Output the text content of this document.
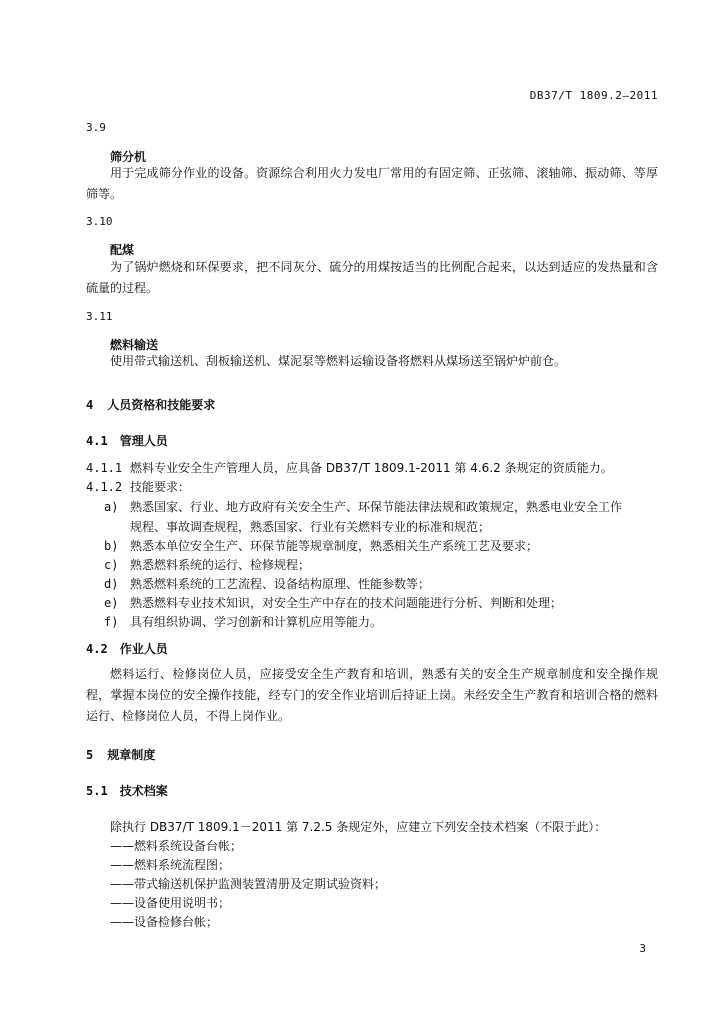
DB37/T 1809.2—2011
3.9
筛分机
用于完成筛分作业的设备。资源综合利用火力发电厂常用的有固定筛、正弦筛、滚轴筛、振动筛、等厚筛等。
3.10
配煤
为了锅炉燃烧和环保要求，把不同灰分、硫分的用煤按适当的比例配合起来，以达到适应的发热量和含硫量的过程。
3.11
燃料输送
使用带式输送机、刮板输送机、煤泥泵等燃料运输设备将燃料从煤场送至锅炉炉前仓。
4 人员资格和技能要求
4.1 管理人员
4.1.1 燃料专业安全生产管理人员，应具备 DB37/T 1809.1-2011 第 4.6.2 条规定的资质能力。
4.1.2 技能要求：
a) 熟悉国家、行业、地方政府有关安全生产、环保节能法律法规和政策规定，熟悉电业安全工作
规程、事故调查规程，熟悉国家、行业有关燃料专业的标准和规范；
b) 熟悉本单位安全生产、环保节能等规章制度，熟悉相关生产系统工艺及要求；
c) 熟悉燃料系统的运行、检修规程；
d) 熟悉燃料系统的工艺流程、设备结构原理、性能参数等；
e) 熟悉燃料专业技术知识，对安全生产中存在的技术问题能进行分析、判断和处理；
f) 具有组织协调、学习创新和计算机应用等能力。
4.2 作业人员
燃料运行、检修岗位人员，应接受安全生产教育和培训，熟悉有关的安全生产规章制度和安全操作规程，掌握本岗位的安全操作技能，经专门的安全作业培训后持证上岗。未经安全生产教育和培训合格的燃料运行、检修岗位人员，不得上岗作业。
5 规章制度
5.1 技术档案
除执行 DB37/T 1809.1－2011 第 7.2.5 条规定外，应建立下列安全技术档案（不限于此）：
——燃料系统设备台帐；
——燃料系统流程图；
——带式输送机保护监测装置清册及定期试验资料；
——设备使用说明书；
——设备检修台帐；
3
